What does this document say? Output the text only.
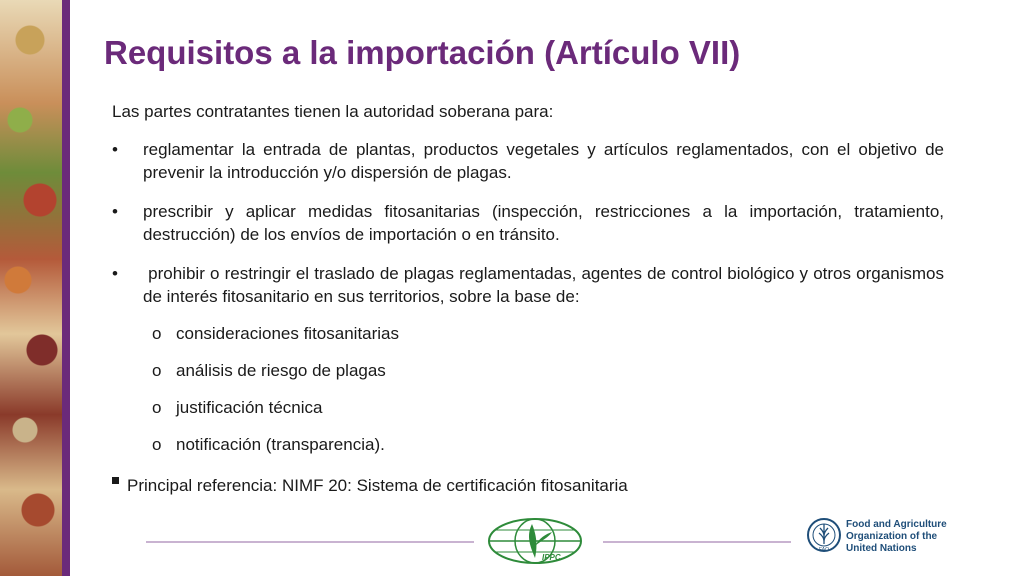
Requisitos a la importación (Artículo VII)

Las partes contratantes tienen la autoridad soberana para:

• reglamentar la entrada de plantas, productos vegetales y artículos reglamentados, con el objetivo de prevenir la introducción y/o dispersión de plagas.
• prescribir y aplicar medidas fitosanitarias (inspección, restricciones a la importación, tratamiento, destrucción) de los envíos de importación o en tránsito.
• prohibir o restringir el traslado de plagas reglamentadas, agentes de control biológico y otros organismos de interés fitosanitario en sus territorios, sobre la base de:
o consideraciones fitosanitarias
o análisis de riesgo de plagas
o justificación técnica
o notificación (transparencia).
Principal referencia: NIMF 20: Sistema de certificación fitosanitaria
IPPC
FAO
Food and Agriculture
Organization of the
United Nations
